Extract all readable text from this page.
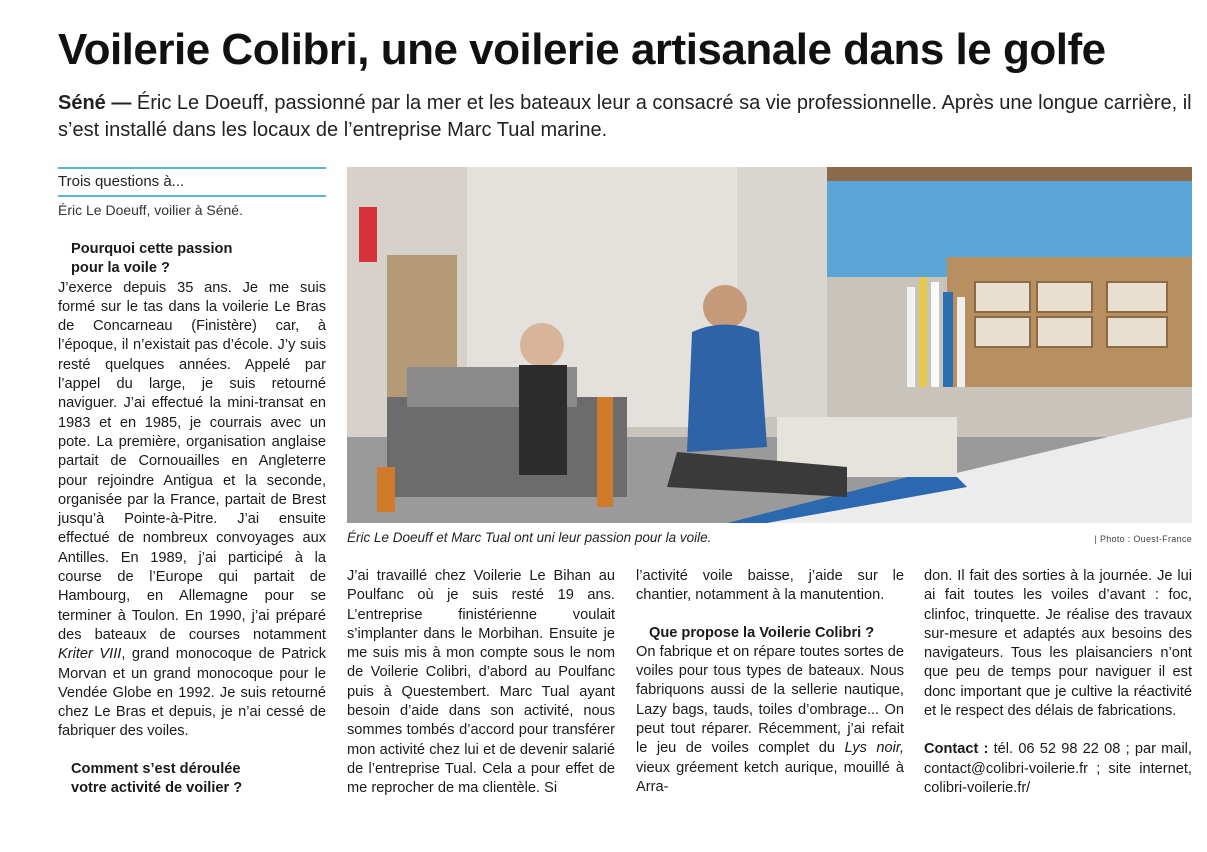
Voilerie Colibri, une voilerie artisanale dans le golfe
Séné — Éric Le Doeuff, passionné par la mer et les bateaux leur a consacré sa vie professionnelle. Après une longue carrière, il s’est installé dans les locaux de l’entreprise Marc Tual marine.
Trois questions à...
Éric Le Doeuff, voilier à Séné.

Pourquoi cette passion pour la voile ?

J’exerce depuis 35 ans. Je me suis formé sur le tas dans la voilerie Le Bras de Concarneau (Finistère) car, à l’époque, il n’existait pas d’école. J’y suis resté quelques années. Appelé par l’appel du large, je suis retourné naviguer. J’ai effectué la mini-transat en 1983 et en 1985, je courrais avec un pote. La première, organisation anglaise partait de Cornouailles en Angleterre pour rejoindre Antigua et la seconde, organisée par la France, partait de Brest jusqu’à Pointe-à-Pitre. J’ai ensuite effectué de nombreux convoyages aux Antilles. En 1989, j’ai participé à la course de l’Europe qui partait de Hambourg, en Allemagne pour se terminer à Toulon. En 1990, j’ai préparé des bateaux de courses notamment Kriter VIII, grand monocoque de Patrick Morvan et un grand monocoque pour le Vendée Globe en 1992. Je suis retourné chez Le Bras et depuis, je n’ai cessé de fabriquer des voiles.

Comment s’est déroulée votre activité de voilier ?

Éric Le Doeuff et Marc Tual ont uni leur passion pour la voile.	| Photo : Ouest-France

J’ai travaillé chez Voilerie Le Bihan au Poulfanc où je suis resté 19 ans. L’entreprise finistérienne voulait s’implanter dans le Morbihan. Ensuite je me suis mis à mon compte sous le nom de Voilerie Colibri, d’abord au Poulfanc puis à Questembert. Marc Tual ayant besoin d’aide dans son activité, nous sommes tombés d’accord pour transférer mon activité chez lui et de devenir salarié de l’entreprise Tual. Cela a pour effet de me reprocher de ma clientèle. Si

l’activité voile baisse, j’aide sur le chantier, notamment à la manutention.

Que propose la Voilerie Colibri ?

On fabrique et on répare toutes sortes de voiles pour tous types de bateaux. Nous fabriquons aussi de la sellerie nautique, Lazy bags, tauds, toiles d’ombrage... On peut tout réparer. Récemment, j’ai refait le jeu de voiles complet du Lys noir, vieux gréement ketch aurique, mouillé à Arra-

don. Il fait des sorties à la journée. Je lui ai fait toutes les voiles d’avant : foc, clinfoc, trinquette. Je réalise des travaux sur-mesure et adaptés aux besoins des navigateurs. Tous les plaisanciers n’ont que peu de temps pour naviguer il est donc important que je cultive la réactivité et le respect des délais de fabrications.

Contact : tél. 06 52 98 22 08 ; par mail, contact@colibri-voilerie.fr ; site internet, colibri-voilerie.fr/
